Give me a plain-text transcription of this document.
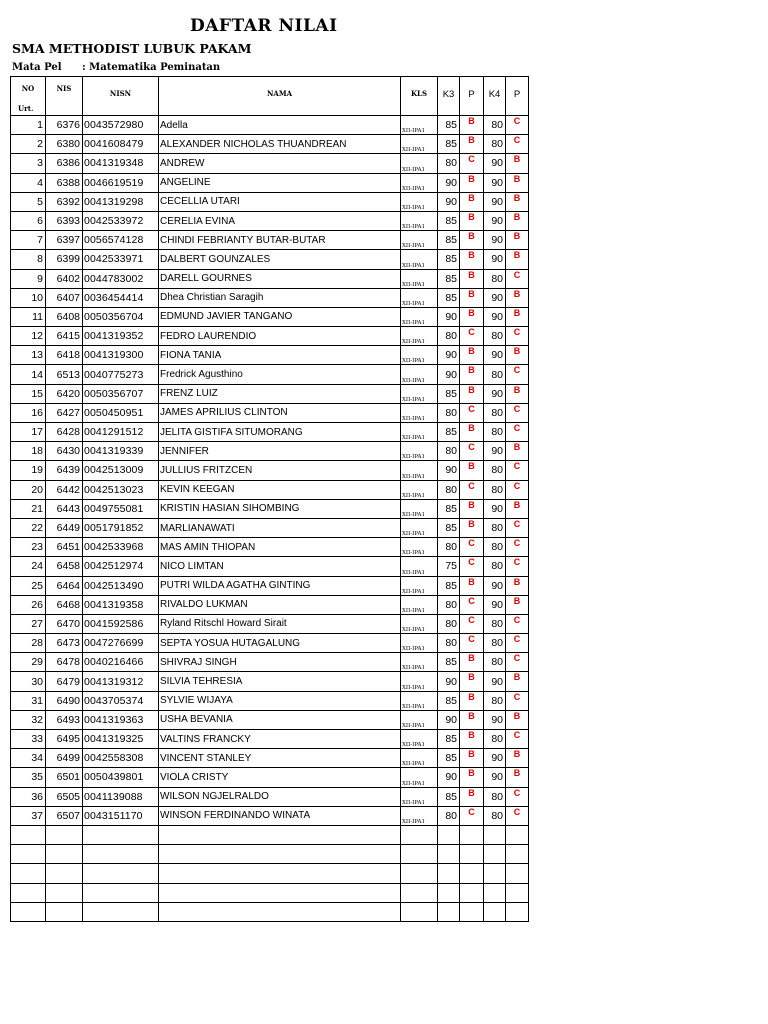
DAFTAR NILAI
SMA METHODIST LUBUK PAKAM
Mata Pel : Matematika Peminatan
NO
Urt.	NIS	NISN	NAMA	KLS	K3	P	K4	P
1	6376	0043572980	Adella	XII-IPA1	85	B	80	C
2	6380	0041608479	ALEXANDER NICHOLAS THUANDREAN	XII-IPA1	85	B	80	C
3	6386	0041319348	ANDREW	XII-IPA1	80	C	90	B
4	6388	0046619519	ANGELINE	XII-IPA1	90	B	90	B
5	6392	0041319298	CECELLIA UTARI	XII-IPA1	90	B	90	B
6	6393	0042533972	CERELIA EVINA	XII-IPA1	85	B	90	B
7	6397	0056574128	CHINDI FEBRIANTY BUTAR-BUTAR	XII-IPA1	85	B	90	B
8	6399	0042533971	DALBERT GOUNZALES	XII-IPA1	85	B	90	B
9	6402	0044783002	DARELL GOURNES	XII-IPA1	85	B	80	C
10	6407	0036454414	Dhea Christian Saragih	XII-IPA1	85	B	90	B
11	6408	0050356704	EDMUND JAVIER TANGANO	XII-IPA1	90	B	90	B
12	6415	0041319352	FEDRO LAURENDIO	XII-IPA1	80	C	80	C
13	6418	0041319300	FIONA TANIA	XII-IPA1	90	B	90	B
14	6513	0040775273	Fredrick Agusthino	XII-IPA1	90	B	80	C
15	6420	0050356707	FRENZ LUIZ	XII-IPA1	85	B	90	B
16	6427	0050450951	JAMES APRILIUS CLINTON	XII-IPA1	80	C	80	C
17	6428	0041291512	JELITA GISTIFA SITUMORANG	XII-IPA1	85	B	80	C
18	6430	0041319339	JENNIFER	XII-IPA1	80	C	90	B
19	6439	0042513009	JULLIUS FRITZCEN	XII-IPA1	90	B	80	C
20	6442	0042513023	KEVIN KEEGAN	XII-IPA1	80	C	80	C
21	6443	0049755081	KRISTIN HASIAN SIHOMBING	XII-IPA1	85	B	90	B
22	6449	0051791852	MARLIANAWATI	XII-IPA1	85	B	80	C
23	6451	0042533968	MAS AMIN THIOPAN	XII-IPA1	80	C	80	C
24	6458	0042512974	NICO LIMTAN	XII-IPA1	75	C	80	C
25	6464	0042513490	PUTRI WILDA AGATHA GINTING	XII-IPA1	85	B	90	B
26	6468	0041319358	RIVALDO LUKMAN	XII-IPA1	80	C	90	B
27	6470	0041592586	Ryland Ritschl Howard Sirait	XII-IPA1	80	C	80	C
28	6473	0047276699	SEPTA YOSUA HUTAGALUNG	XII-IPA1	80	C	80	C
29	6478	0040216466	SHIVRAJ SINGH	XII-IPA1	85	B	80	C
30	6479	0041319312	SILVIA TEHRESIA	XII-IPA1	90	B	90	B
31	6490	0043705374	SYLVIE WIJAYA	XII-IPA1	85	B	80	C
32	6493	0041319363	USHA BEVANIA	XII-IPA1	90	B	90	B
33	6495	0041319325	VALTINS FRANCKY	XII-IPA1	85	B	80	C
34	6499	0042558308	VINCENT STANLEY	XII-IPA1	85	B	90	B
35	6501	0050439801	VIOLA CRISTY	XII-IPA1	90	B	90	B
36	6505	0041139088	WILSON NGJELRALDO	XII-IPA1	85	B	80	C
37	6507	0043151170	WINSON FERDINANDO WINATA	XII-IPA1	80	C	80	C
